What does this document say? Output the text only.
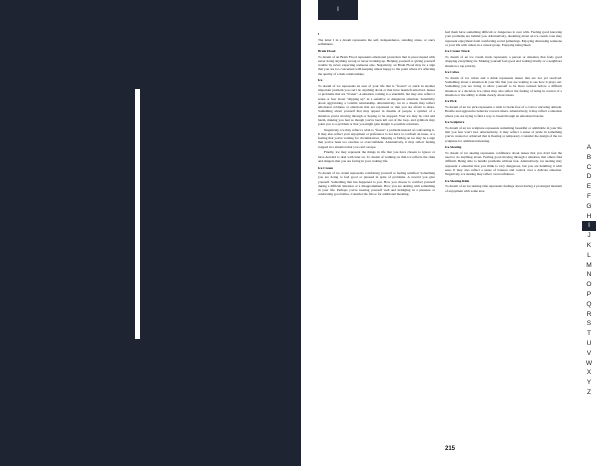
I

I

The letter I in a dream represents the self, independence, standing alone, or one's selfishness.

Brain Flood

To dream of an Brain Flood represents emotional protection that is preoccupied with never doing anything wrong or never looming up. Helping yourself or giving yourself trouble by never expecting someone else. Negatively, an Brain Flood may be a sign that you are too concerned with keeping others happy to the point where it's affecting the quality of a their relationships.

Ice

To dream of ice represents an area of your life that is "frozen" or stuck in another important problem you can't do anything about or that have beenleft unsolved. Issues or problems that are "frozen". A situation coming to a standstill, but may also reflect a sense or fear about "slipping up" in a sensitive or dangerous situation. Sensitivity about aggravating a volatile relationship. Alternatively, ice in a dream may reflect emotional coldness or emotions that are repressed or that you are afraid to share. Something about yourself that may appear in dreams of people, a symbol of a situation you're moving through or hoping to be stopped. Your ice may be cold and harsh, making you feel as though you've been left out of the loop, and symbols may point you to a problem or that you might gain insight to possible solutions.

Negatively, ice may reflect a wish to "freeze" a problem instead of confronting it. It may also reflect your enjoyment or preference to not have to confront an issue, or a feeling that you're waiting for circumstances. Slipping or falling on ice may be a sign that you've been too careless or overconfident. Alternatively, it may reflect feeling trapped in a situation that you can't escape.

Finally, ice may represent the things in life that you have chosen to ignore or have decided to deal with later on. To dream of walking on thin ice reflects the risks and dangers that you are facing in your waking life.

Ice Cream

To dream of ice cream represents comforting yourself or feeling satisfied. Something you are doing to feel good or pleased in spite of problems. A reward you give yourself. Something that has happened to you. How you choose to comfort yourself during a difficult situation or a disappointment. How you are dealing with something in your life. Perhaps you're treating yourself well and indulging in a pleasure or celebrating good times. Consider the flavor for additional meaning.

feel them have something difficult or dangerous is over with. Feeling good knowing your problems are behind you. Alternatively, dreaming about an ice cream cone may represent enjoyment from comforting social gatherings. Enjoying discussing someone or your life with others in a casual group. Enjoying being liked.

Ice Cream Truck

To dream of an ice cream truck represents a person or situation that feels good dropping everything for. Making yourself feel good and waiting briefly or a neighbors situation a top priority.

Ice Cubes

To dream of ice cubes and a drink represents issues that are not yet resolved. Something about a situation in your life that you are waiting to see how it plays out. Something you are doing to allow yourself to be more relaxed before a difficult situation or a decision. Ice cubes may also reflect the feeling of being in control of a situation or the ability to think clearly about issues.

Ice Pick

To dream of an ice pick represents a wish to break free of a cold or uncaring attitude. Hostile and aggressive behavior toward others. Alternatively, it may reflect a situation where you are trying to find a way to break through an emotional barrier.

Ice Sculpture

To dream of an ice sculpture represents something beautiful or admirable in your life that you fear won't last. Alternatively, it may reflect a sense of pride in something you've created or achieved that is fleeting or temporary. Consider the design of the ice sculpture for additional meaning.

Ice Skating

To dream of ice skating represents confidence about issues that you don't feel the need to do anything about. Feeling good moving through a situation that others find difficult. Being able to handle problems without fear. Alternatively, ice skating may represent a situation that you think is very dangerous, but you are handling it with ease. It may also reflect a sense of balance and control over a delicate situation. Negatively, ice skating may reflect overconfidence.

Ice Skating Rink

To dream of an ice skating rink represents feelings about having a prolonged moment of enjoyment with some area

A
B
C
D
E
F
G
H
I
J
K
L
M
N
O
P
Q
R
S
T
U
V
W
X
Y
Z
215
